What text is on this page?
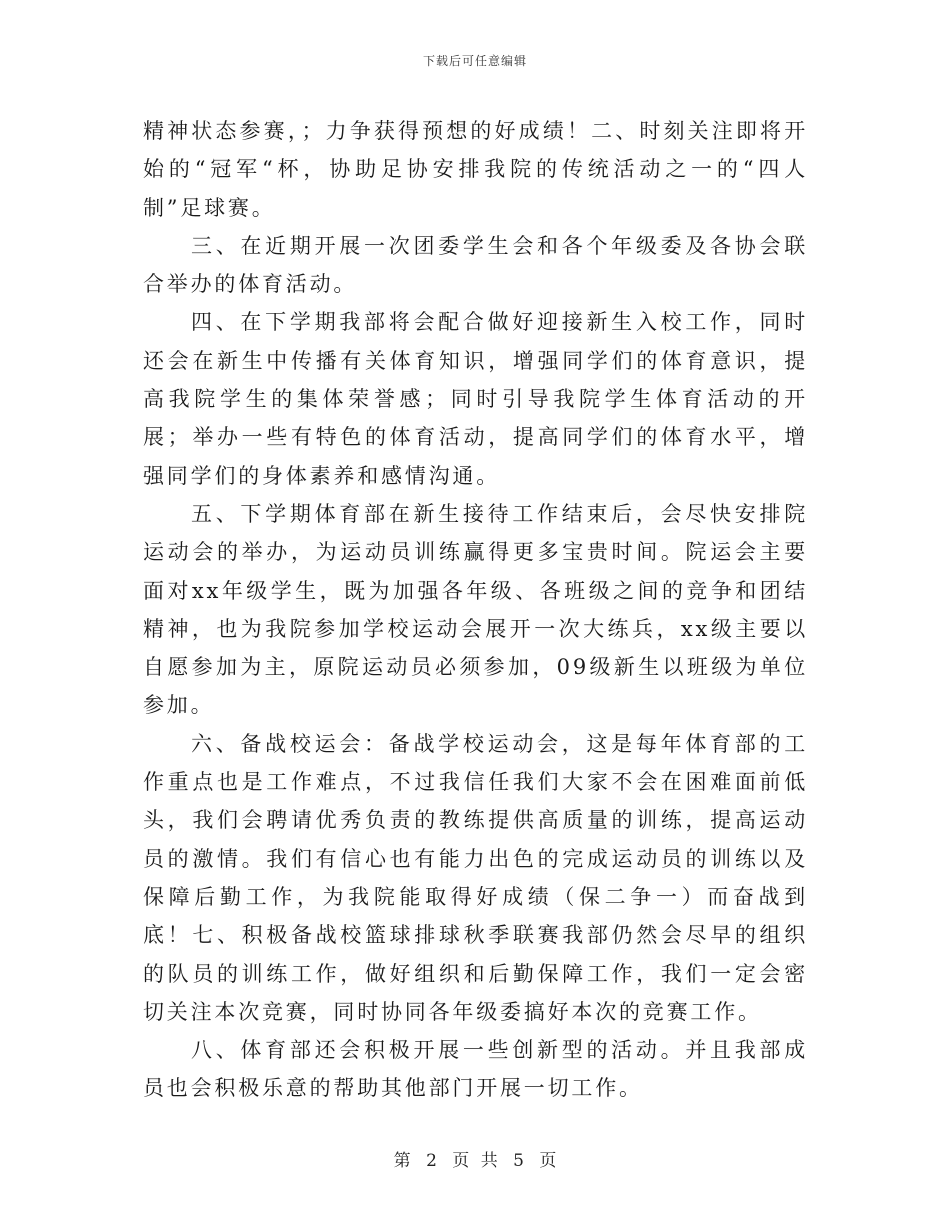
下载后可任意编辑

精神状态参赛，；力争获得预想的好成绩！二、时刻关注即将开始的“冠军“杯，协助足协安排我院的传统活动之一的“四人制”足球赛。

三、在近期开展一次团委学生会和各个年级委及各协会联合举办的体育活动。

四、在下学期我部将会配合做好迎接新生入校工作，同时还会在新生中传播有关体育知识，增强同学们的体育意识，提高我院学生的集体荣誉感；同时引导我院学生体育活动的开展；举办一些有特色的体育活动，提高同学们的体育水平，增强同学们的身体素养和感情沟通。

五、下学期体育部在新生接待工作结束后，会尽快安排院运动会的举办，为运动员训练赢得更多宝贵时间。院运会主要面对xx年级学生，既为加强各年级、各班级之间的竞争和团结精神，也为我院参加学校运动会展开一次大练兵，xx级主要以自愿参加为主，原院运动员必须参加，09级新生以班级为单位参加。

六、备战校运会：备战学校运动会，这是每年体育部的工作重点也是工作难点，不过我信任我们大家不会在困难面前低头，我们会聘请优秀负责的教练提供高质量的训练，提高运动员的激情。我们有信心也有能力出色的完成运动员的训练以及保障后勤工作，为我院能取得好成绩（保二争一）而奋战到底！七、积极备战校篮球排球秋季联赛我部仍然会尽早的组织的队员的训练工作，做好组织和后勤保障工作，我们一定会密切关注本次竞赛，同时协同各年级委搞好本次的竞赛工作。

八、体育部还会积极开展一些创新型的活动。并且我部成员也会积极乐意的帮助其他部门开展一切工作。

第 2 页 共 5 页
